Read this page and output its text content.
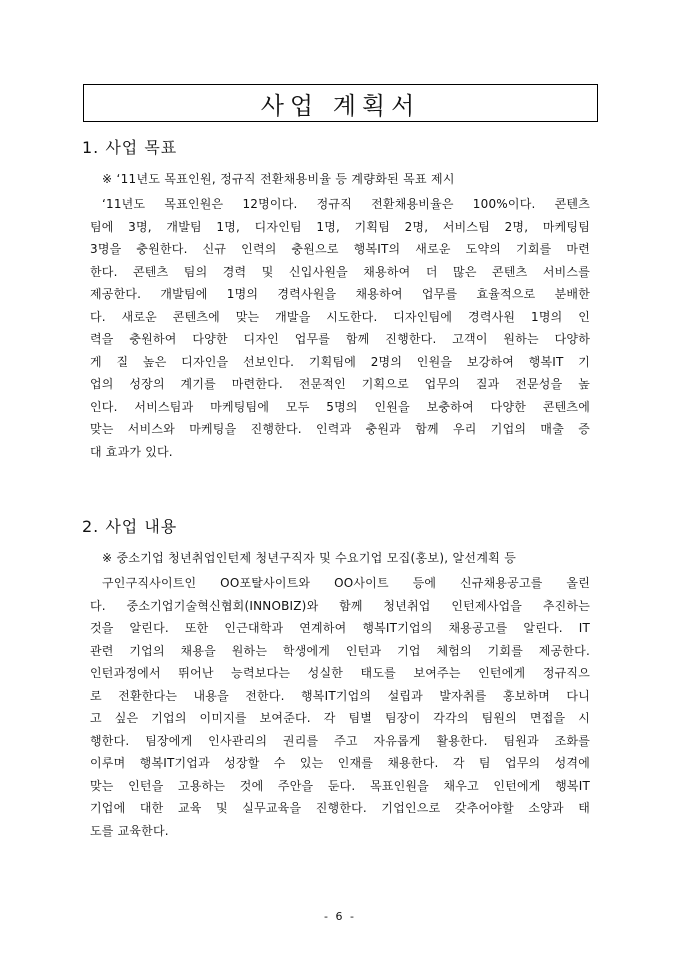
사업 계획서
1. 사업 목표
※ ‘11년도 목표인원, 정규직 전환채용비율 등 계량화된 목표 제시
‘11년도 목표인원은 12명이다. 정규직 전환채용비율은 100%이다. 콘텐츠
팀에 3명, 개발팀 1명, 디자인팀 1명, 기획팀 2명, 서비스팀 2명, 마케팅팀
3명을 충원한다. 신규 인력의 충원으로 행복IT의 새로운 도약의 기회를 마련
한다. 콘텐츠 팀의 경력 및 신입사원을 채용하여 더 많은 콘텐츠 서비스를
제공한다. 개발팀에 1명의 경력사원을 채용하여 업무를 효율적으로 분배한
다. 새로운 콘텐츠에 맞는 개발을 시도한다. 디자인팀에 경력사원 1명의 인
력을 충원하여 다양한 디자인 업무를 함께 진행한다. 고객이 원하는 다양하
게 질 높은 디자인을 선보인다. 기획팀에 2명의 인원을 보강하여 행복IT 기
업의 성장의 계기를 마련한다. 전문적인 기획으로 업무의 질과 전문성을 높
인다. 서비스팀과 마케팅팀에 모두 5명의 인원을 보충하여 다양한 콘텐츠에
맞는 서비스와 마케팅을 진행한다. 인력과 충원과 함께 우리 기업의 매출 증
대 효과가 있다.
2. 사업 내용
※ 중소기업 청년취업인턴제 청년구직자 및 수요기업 모집(홍보), 알선계획 등
구인구직사이트인 OO포탈사이트와 OO사이트 등에 신규채용공고를 올린
다. 중소기업기술혁신협회(INNOBIZ)와 함께 청년취업 인턴제사업을 추진하는
것을 알린다. 또한 인근대학과 연계하여 행복IT기업의 채용공고를 알린다. IT
관련 기업의 채용을 원하는 학생에게 인턴과 기업 체험의 기회를 제공한다.
인턴과정에서 뛰어난 능력보다는 성실한 태도를 보여주는 인턴에게 정규직으
로 전환한다는 내용을 전한다. 행복IT기업의 설립과 발자취를 홍보하며 다니
고 싶은 기업의 이미지를 보여준다. 각 팀별 팀장이 각각의 팀원의 면접을 시
행한다. 팀장에게 인사관리의 권리를 주고 자유롭게 활용한다. 팀원과 조화를
이루며 행복IT기업과 성장할 수 있는 인재를 채용한다. 각 팀 업무의 성격에
맞는 인턴을 고용하는 것에 주안을 둔다. 목표인원을 채우고 인턴에게 행복IT
기업에 대한 교육 및 실무교육을 진행한다. 기업인으로 갖추어야할 소양과 태
도를 교육한다.
- 6 -
